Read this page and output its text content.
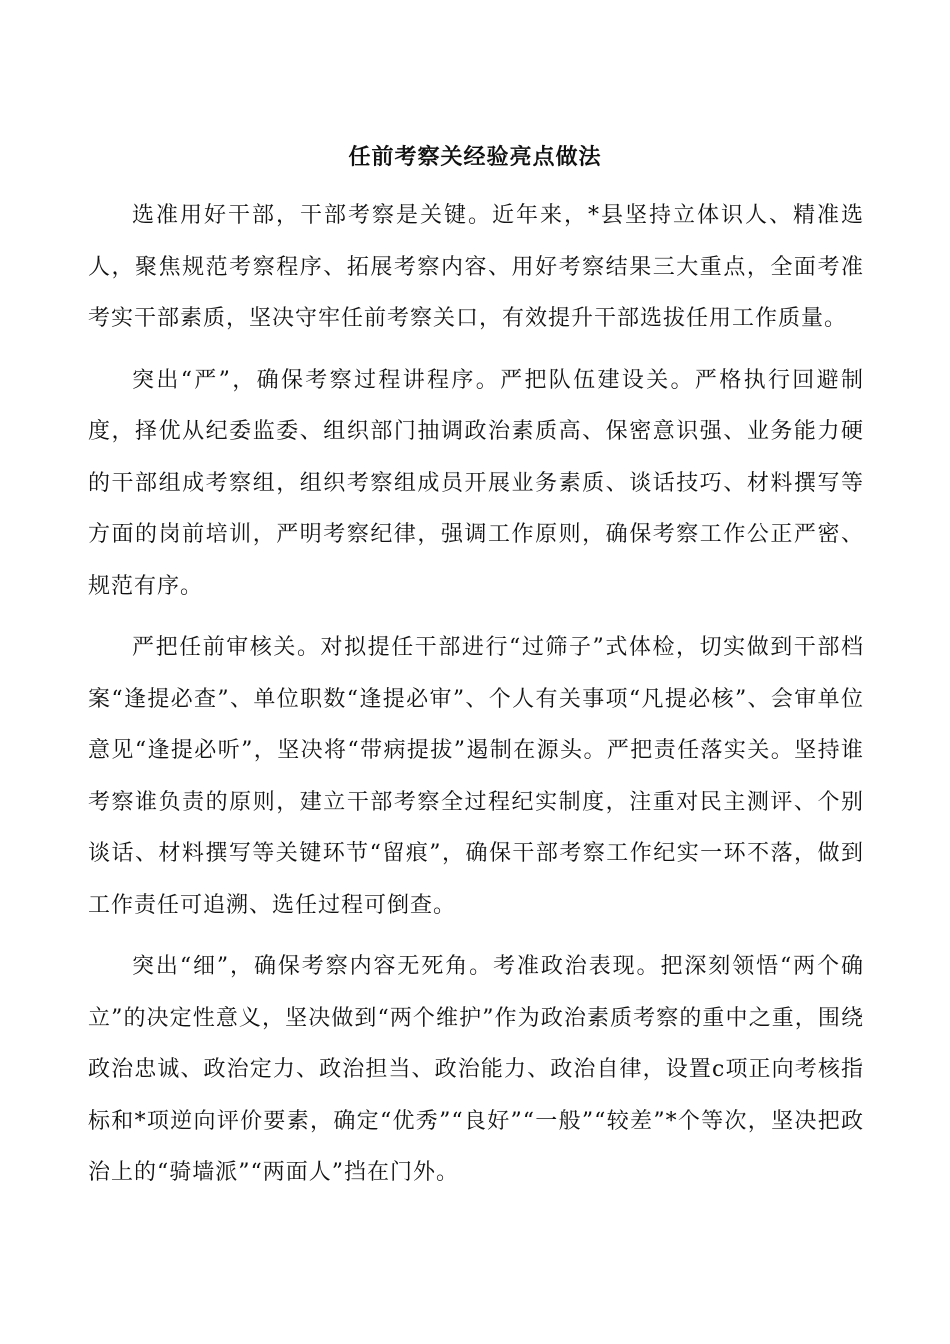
任前考察关经验亮点做法

选准用好干部，干部考察是关键。近年来，*县坚持立体识人、精准选人，聚焦规范考察程序、拓展考察内容、用好考察结果三大重点，全面考准考实干部素质，坚决守牢任前考察关口，有效提升干部选拔任用工作质量。

突出“严”，确保考察过程讲程序。严把队伍建设关。严格执行回避制度，择优从纪委监委、组织部门抽调政治素质高、保密意识强、业务能力硬的干部组成考察组，组织考察组成员开展业务素质、谈话技巧、材料撰写等方面的岗前培训，严明考察纪律，强调工作原则，确保考察工作公正严密、规范有序。

严把任前审核关。对拟提任干部进行“过筛子”式体检，切实做到干部档案“逢提必查”、单位职数“逢提必审”、个人有关事项“凡提必核”、会审单位意见“逢提必听”，坚决将“带病提拔”遏制在源头。严把责任落实关。坚持谁考察谁负责的原则，建立干部考察全过程纪实制度，注重对民主测评、个别谈话、材料撰写等关键环节“留痕”，确保干部考察工作纪实一环不落，做到工作责任可追溯、选任过程可倒查。

突出“细”，确保考察内容无死角。考准政治表现。把深刻领悟“两个确立”的决定性意义，坚决做到“两个维护”作为政治素质考察的重中之重，围绕政治忠诚、政治定力、政治担当、政治能力、政治自律，设置c项正向考核指标和*项逆向评价要素，确定“优秀”“良好”“一般”“较差”*个等次，坚决把政治上的“骑墙派”“两面人”挡在门外。
